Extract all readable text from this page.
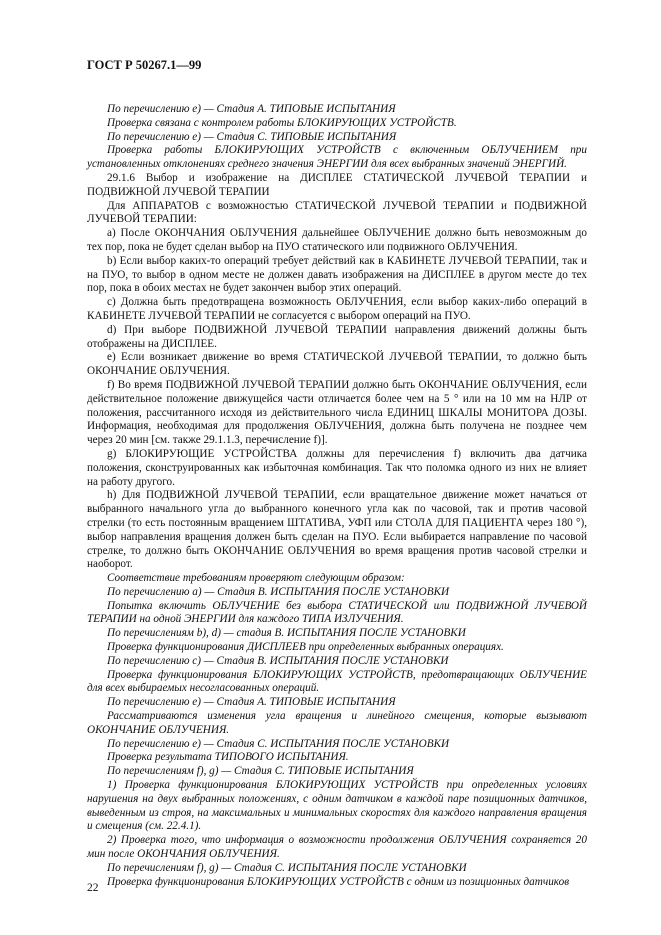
ГОСТ Р 50267.1—99

По перечислению е) — Стадия А. ТИПОВЫЕ ИСПЫТАНИЯ

Проверка связана с контролем работы БЛОКИРУЮЩИХ УСТРОЙСТВ.

По перечислению е) — Стадия С. ТИПОВЫЕ ИСПЫТАНИЯ

Проверка работы БЛОКИРУЮЩИХ УСТРОЙСТВ с включенным ОБЛУЧЕНИЕМ при установленных отклонениях среднего значения ЭНЕРГИИ для всех выбранных значений ЭНЕРГИЙ.

29.1.6 Выбор и изображение на ДИСПЛЕЕ СТАТИЧЕСКОЙ ЛУЧЕВОЙ ТЕРАПИИ и ПОДВИЖНОЙ ЛУЧЕВОЙ ТЕРАПИИ

Для АППАРАТОВ с возможностью СТАТИЧЕСКОЙ ЛУЧЕВОЙ ТЕРАПИИ и ПОДВИЖНОЙ ЛУЧЕВОЙ ТЕРАПИИ:

а) После ОКОНЧАНИЯ ОБЛУЧЕНИЯ дальнейшее ОБЛУЧЕНИЕ должно быть невозможным до тех пор, пока не будет сделан выбор на ПУО статического или подвижного ОБЛУЧЕНИЯ.

b) Если выбор каких-то операций требует действий как в КАБИНЕТЕ ЛУЧЕВОЙ ТЕРАПИИ, так и на ПУО, то выбор в одном месте не должен давать изображения на ДИСПЛЕЕ в другом месте до тех пор, пока в обоих местах не будет закончен выбор этих операций.

с) Должна быть предотвращена возможность ОБЛУЧЕНИЯ, если выбор каких-либо операций в КАБИНЕТЕ ЛУЧЕВОЙ ТЕРАПИИ не согласуется с выбором операций на ПУО.

d) При выборе ПОДВИЖНОЙ ЛУЧЕВОЙ ТЕРАПИИ направления движений должны быть отображены на ДИСПЛЕЕ.

е) Если возникает движение во время СТАТИЧЕСКОЙ ЛУЧЕВОЙ ТЕРАПИИ, то должно быть ОКОНЧАНИЕ ОБЛУЧЕНИЯ.

f) Во время ПОДВИЖНОЙ ЛУЧЕВОЙ ТЕРАПИИ должно быть ОКОНЧАНИЕ ОБЛУЧЕНИЯ, если действительное положение движущейся части отличается более чем на 5 ° или на 10 мм на НЛР от положения, рассчитанного исходя из действительного числа ЕДИНИЦ ШКАЛЫ МОНИТОРА ДОЗЫ. Информация, необходимая для продолжения ОБЛУЧЕНИЯ, должна быть получена не позднее чем через 20 мин [см. также 29.1.1.3, перечисление f)].

g) БЛОКИРУЮЩИЕ УСТРОЙСТВА должны для перечисления f) включить два датчика положения, сконструированных как избыточная комбинация. Так что поломка одного из них не влияет на работу другого.

h) Для ПОДВИЖНОЙ ЛУЧЕВОЙ ТЕРАПИИ, если вращательное движение может начаться от выбранного начального угла до выбранного конечного угла как по часовой, так и против часовой стрелки (то есть постоянным вращением ШТАТИВА, УФП или СТОЛА ДЛЯ ПАЦИЕНТА через 180 °), выбор направления вращения должен быть сделан на ПУО. Если выбирается направление по часовой стрелке, то должно быть ОКОНЧАНИЕ ОБЛУЧЕНИЯ во время вращения против часовой стрелки и наоборот.

Соответствие требованиям проверяют следующим образом:

По перечислению а) — Стадия В. ИСПЫТАНИЯ ПОСЛЕ УСТАНОВКИ

Попытка включить ОБЛУЧЕНИЕ без выбора СТАТИЧЕСКОЙ или ПОДВИЖНОЙ ЛУЧЕВОЙ ТЕРАПИИ на одной ЭНЕРГИИ для каждого ТИПА ИЗЛУЧЕНИЯ.

По перечислениям b), d) — стадия В. ИСПЫТАНИЯ ПОСЛЕ УСТАНОВКИ

Проверка функционирования ДИСПЛЕЕВ при определенных выбранных операциях.

По перечислению с) — Стадия В. ИСПЫТАНИЯ ПОСЛЕ УСТАНОВКИ

Проверка функционирования БЛОКИРУЮЩИХ УСТРОЙСТВ, предотвращающих ОБЛУЧЕНИЕ для всех выбираемых несогласованных операций.

По перечислению е) — Стадия А. ТИПОВЫЕ ИСПЫТАНИЯ

Рассматриваются изменения угла вращения и линейного смещения, которые вызывают ОКОНЧАНИЕ ОБЛУЧЕНИЯ.

По перечислению е) — Стадия С. ИСПЫТАНИЯ ПОСЛЕ УСТАНОВКИ

Проверка результата ТИПОВОГО ИСПЫТАНИЯ.

По перечислениям f), g) — Стадия С. ТИПОВЫЕ ИСПЫТАНИЯ

1) Проверка функционирования БЛОКИРУЮЩИХ УСТРОЙСТВ при определенных условиях нарушения на двух выбранных положениях, с одним датчиком в каждой паре позиционных датчиков, выведенным из строя, на максимальных и минимальных скоростях для каждого направления вращения и смещения (см. 22.4.1).

2) Проверка того, что информация о возможности продолжения ОБЛУЧЕНИЯ сохраняется 20 мин после ОКОНЧАНИЯ ОБЛУЧЕНИЯ.

По перечислениям f), g) — Стадия С. ИСПЫТАНИЯ ПОСЛЕ УСТАНОВКИ

Проверка функционирования БЛОКИРУЮЩИХ УСТРОЙСТВ с одним из позиционных датчиков

22
